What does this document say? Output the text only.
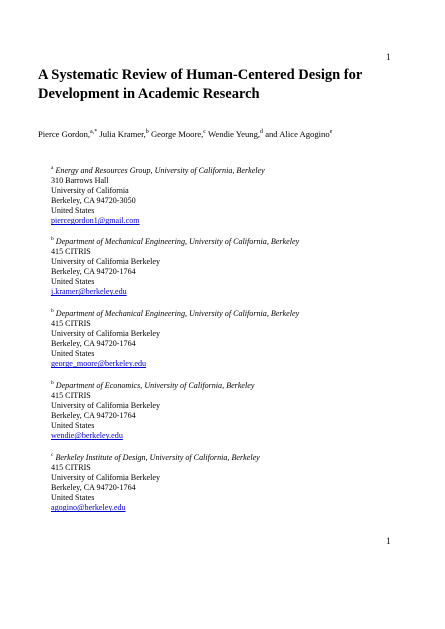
1
A Systematic Review of Human-Centered Design for Development in Academic Research
Pierce Gordon,$^{a,*}$ Julia Kramer,$^b$ George Moore,$^c$ Wendie Yeung,$^d$ and Alice Agogino$^e$
$^a$ Energy and Resources Group, University of California, Berkeley
310 Barrows Hall
University of California
Berkeley, CA 94720-3050
United States
piercegordon1@gmail.com
$^b$ Department of Mechanical Engineering, University of California, Berkeley
415 CITRIS
University of California Berkeley
Berkeley, CA 94720-1764
United States
j.kramer@berkeley.edu
$^b$ Department of Mechanical Engineering, University of California, Berkeley
415 CITRIS
University of California Berkeley
Berkeley, CA 94720-1764
United States
george_moore@berkeley.edu
$^b$ Department of Economics, University of California, Berkeley
415 CITRIS
University of California Berkeley
Berkeley, CA 94720-1764
United States
wendie@berkeley.edu
$^c$ Berkeley Institute of Design, University of California, Berkeley
415 CITRIS
University of California Berkeley
Berkeley, CA 94720-1764
United States
agogino@berkeley.edu
1
